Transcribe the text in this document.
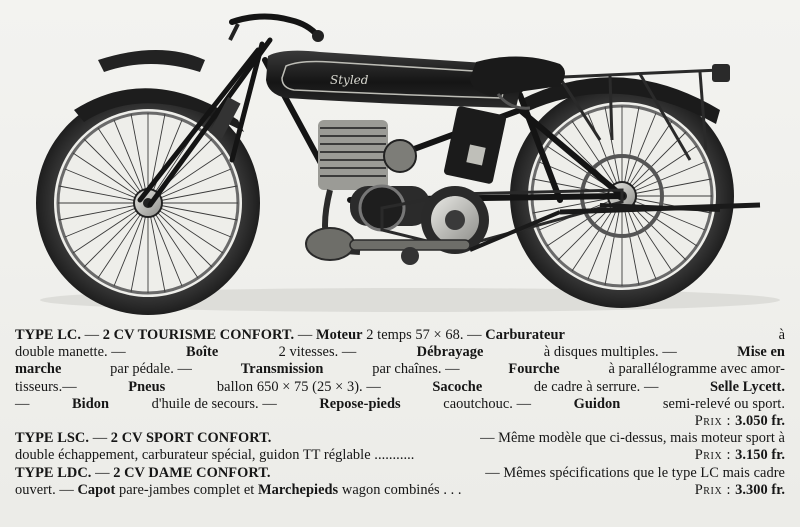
Styled
TYPE LC. — 2 CV TOURISME CONFORT. — Moteur 2 temps 57 × 68. — Carburateur	à
double manette. —	Boîte	2 vitesses. —	Débrayage	à disques multiples. —	Mise en
marche	par pédale. —	Transmission	par chaînes. —	Fourche	à parallélogramme avec amor-
tisseurs.—	Pneus	ballon 650 × 75 (25 × 3). —	Sacoche	de cadre à serrure. —	Selle Lycett.
—	Bidon	d'huile de secours. —	Repose-pieds	caoutchouc. —	Guidon	semi-relevé ou sport.
Prix : 3.050 fr.
TYPE LSC. — 2 CV SPORT CONFORT.	— Même modèle que ci-dessus, mais moteur sport à
double échappement, carburateur spécial, guidon TT réglable ...........	Prix : 3.150 fr.
TYPE LDC. — 2 CV DAME CONFORT.	— Mêmes spécifications que le type LC mais cadre
ouvert. — Capot pare-jambes complet et Marchepieds wagon combinés . . .	Prix : 3.300 fr.
